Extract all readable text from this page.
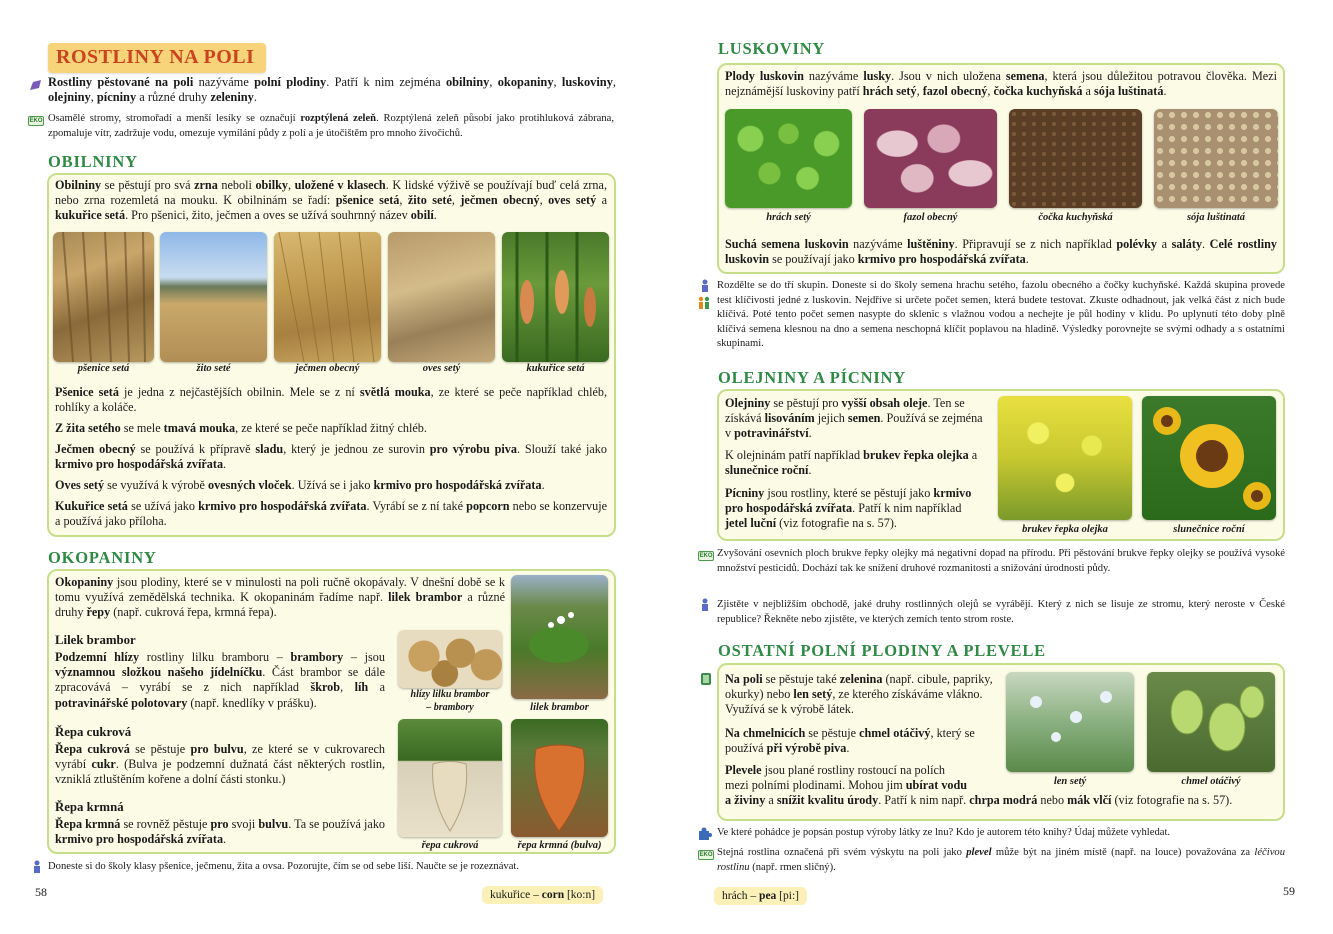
ROSTLINY NA POLI
Rostliny pěstované na poli nazýváme polní plodiny. Patří k nim zejména obilniny, okopaniny, luskoviny, olejniny, pícniny a různé druhy zeleniny.
EKO Osamělé stromy, stromořadí a menší lesíky se označují rozptýlená zeleň. Rozptýlená zeleň působí jako protihluková zábrana, zpomaluje vítr, zadržuje vodu, omezuje vymílání půdy z polí a je útočištěm pro mnoho živočichů.
OBILNINY
Obilniny se pěstují pro svá zrna neboli obilky, uložené v klasech. K lidské výživě se používají buď celá zrna, nebo zrna rozemletá na mouku. K obilninám se řadí: pšenice setá, žito seté, ječmen obecný, oves setý a kukuřice setá. Pro pšenici, žito, ječmen a oves se užívá souhrnný název obilí.
pšenice setá	žito seté	ječmen obecný	oves setý	kukuřice setá
Pšenice setá je jedna z nejčastějších obilnin. Mele se z ní světlá mouka, ze které se peče například chléb, rohlíky a koláče.
Z žita setého se mele tmavá mouka, ze které se peče například žitný chléb.
Ječmen obecný se používá k přípravě sladu, který je jednou ze surovin pro výrobu piva. Slouží také jako krmivo pro hospodářská zvířata.
Oves setý se využívá k výrobě ovesných vloček. Užívá se i jako krmivo pro hospodářská zvířata.
Kukuřice setá se užívá jako krmivo pro hospodářská zvířata. Vyrábí se z ní také popcorn nebo se konzervuje a používá jako příloha.
OKOPANINY
Okopaniny jsou plodiny, které se v minulosti na poli ručně okopávaly. V dnešní době se k tomu využívá zemědělská technika. K okopaninám řadíme např. lilek brambor a různé druhy řepy (např. cukrová řepa, krmná řepa).
Lilek brambor
Podzemní hlízy rostliny lilku bramboru – brambory – jsou významnou složkou našeho jídelníčku. Část brambor se dále zpracovává – vyrábí se z nich například škrob, líh a potravinářské polotovary (např. knedlíky v prášku).
Řepa cukrová
Řepa cukrová se pěstuje pro bulvu, ze které se v cukrovarech vyrábí cukr. (Bulva je podzemní dužnatá část některých rostlin, vzniklá ztluštěním kořene a dolní části stonku.)
Řepa krmná
Řepa krmná se rovněž pěstuje pro svoji bulvu. Ta se používá jako krmivo pro hospodářská zvířata.
hlízy lilku brambor
– brambory	lilek brambor
řepa cukrová	řepa krmná (bulva)
Doneste si do školy klasy pšenice, ječmenu, žita a ovsa. Pozorujte, čím se od sebe liší. Naučte se je rozeznávat.
58	kukuřice – corn [ko:n]
LUSKOVINY
Plody luskovin nazýváme lusky. Jsou v nich uložena semena, která jsou důležitou potravou člověka. Mezi nejznámější luskoviny patří hrách setý, fazol obecný, čočka kuchyňská a sója luštinatá.
hrách setý	fazol obecný	čočka kuchyňská	sója luštinatá
Suchá semena luskovin nazýváme luštěniny. Připravují se z nich například polévky a saláty. Celé rostliny luskovin se používají jako krmivo pro hospodářská zvířata.
Rozdělte se do tří skupin. Doneste si do školy semena hrachu setého, fazolu obecného a čočky kuchyňské. Každá skupina provede test klíčivosti jedné z luskovin. Nejdříve si určete počet semen, která budete testovat. Zkuste odhadnout, jak velká část z nich bude klíčivá. Poté tento počet semen nasypte do sklenic s vlažnou vodou a nechejte je půl hodiny v klidu. Po uplynutí této doby plně klíčivá semena klesnou na dno a semena neschopná klíčit poplavou na hladině. Výsledky porovnejte se svými odhady a s ostatními skupinami.
OLEJNINY A PÍCNINY
Olejniny se pěstují pro vyšší obsah oleje. Ten se získává lisováním jejich semen. Používá se zejména v potravinářství.
K olejninám patří například brukev řepka olejka a slunečnice roční.
Pícniny jsou rostliny, které se pěstují jako krmivo pro hospodářská zvířata. Patří k nim například jetel luční (viz fotografie na s. 57).	brukev řepka olejka	slunečnice roční
EKO Zvyšování osevních ploch brukve řepky olejky má negativní dopad na přírodu. Při pěstování brukve řepky olejky se používá vysoké množství pesticidů. Dochází tak ke snížení druhové rozmanitosti a snižování úrodnosti půdy.
Zjistěte v nejbližším obchodě, jaké druhy rostlinných olejů se vyrábějí. Který z nich se lisuje ze stromu, který neroste v České republice? Řekněte nebo zjistěte, ve kterých zemích tento strom roste.
OSTATNÍ POLNÍ PLODINY A PLEVELE
Na poli se pěstuje také zelenina (např. cibule, papriky, okurky) nebo len setý, ze kterého získáváme vlákno. Využívá se k výrobě látek.
Na chmelnicích se pěstuje chmel otáčivý, který se používá při výrobě piva.
Plevele jsou plané rostliny rostoucí na polích
mezi polními plodinami. Mohou jim ubírat vodu
a živiny a snížit kvalitu úrody. Patří k nim např. chrpa modrá nebo mák vlčí (viz fotografie na s. 57).
len setý	chmel otáčivý
Ve které pohádce je popsán postup výroby látky ze lnu? Kdo je autorem této knihy? Údaj můžete vyhledat.
EKO Stejná rostlina označená při svém výskytu na poli jako plevel může být na jiném místě (např. na louce) považována za léčivou rostlinu (např. rmen sličný).
hrách – pea [pi:]	59
